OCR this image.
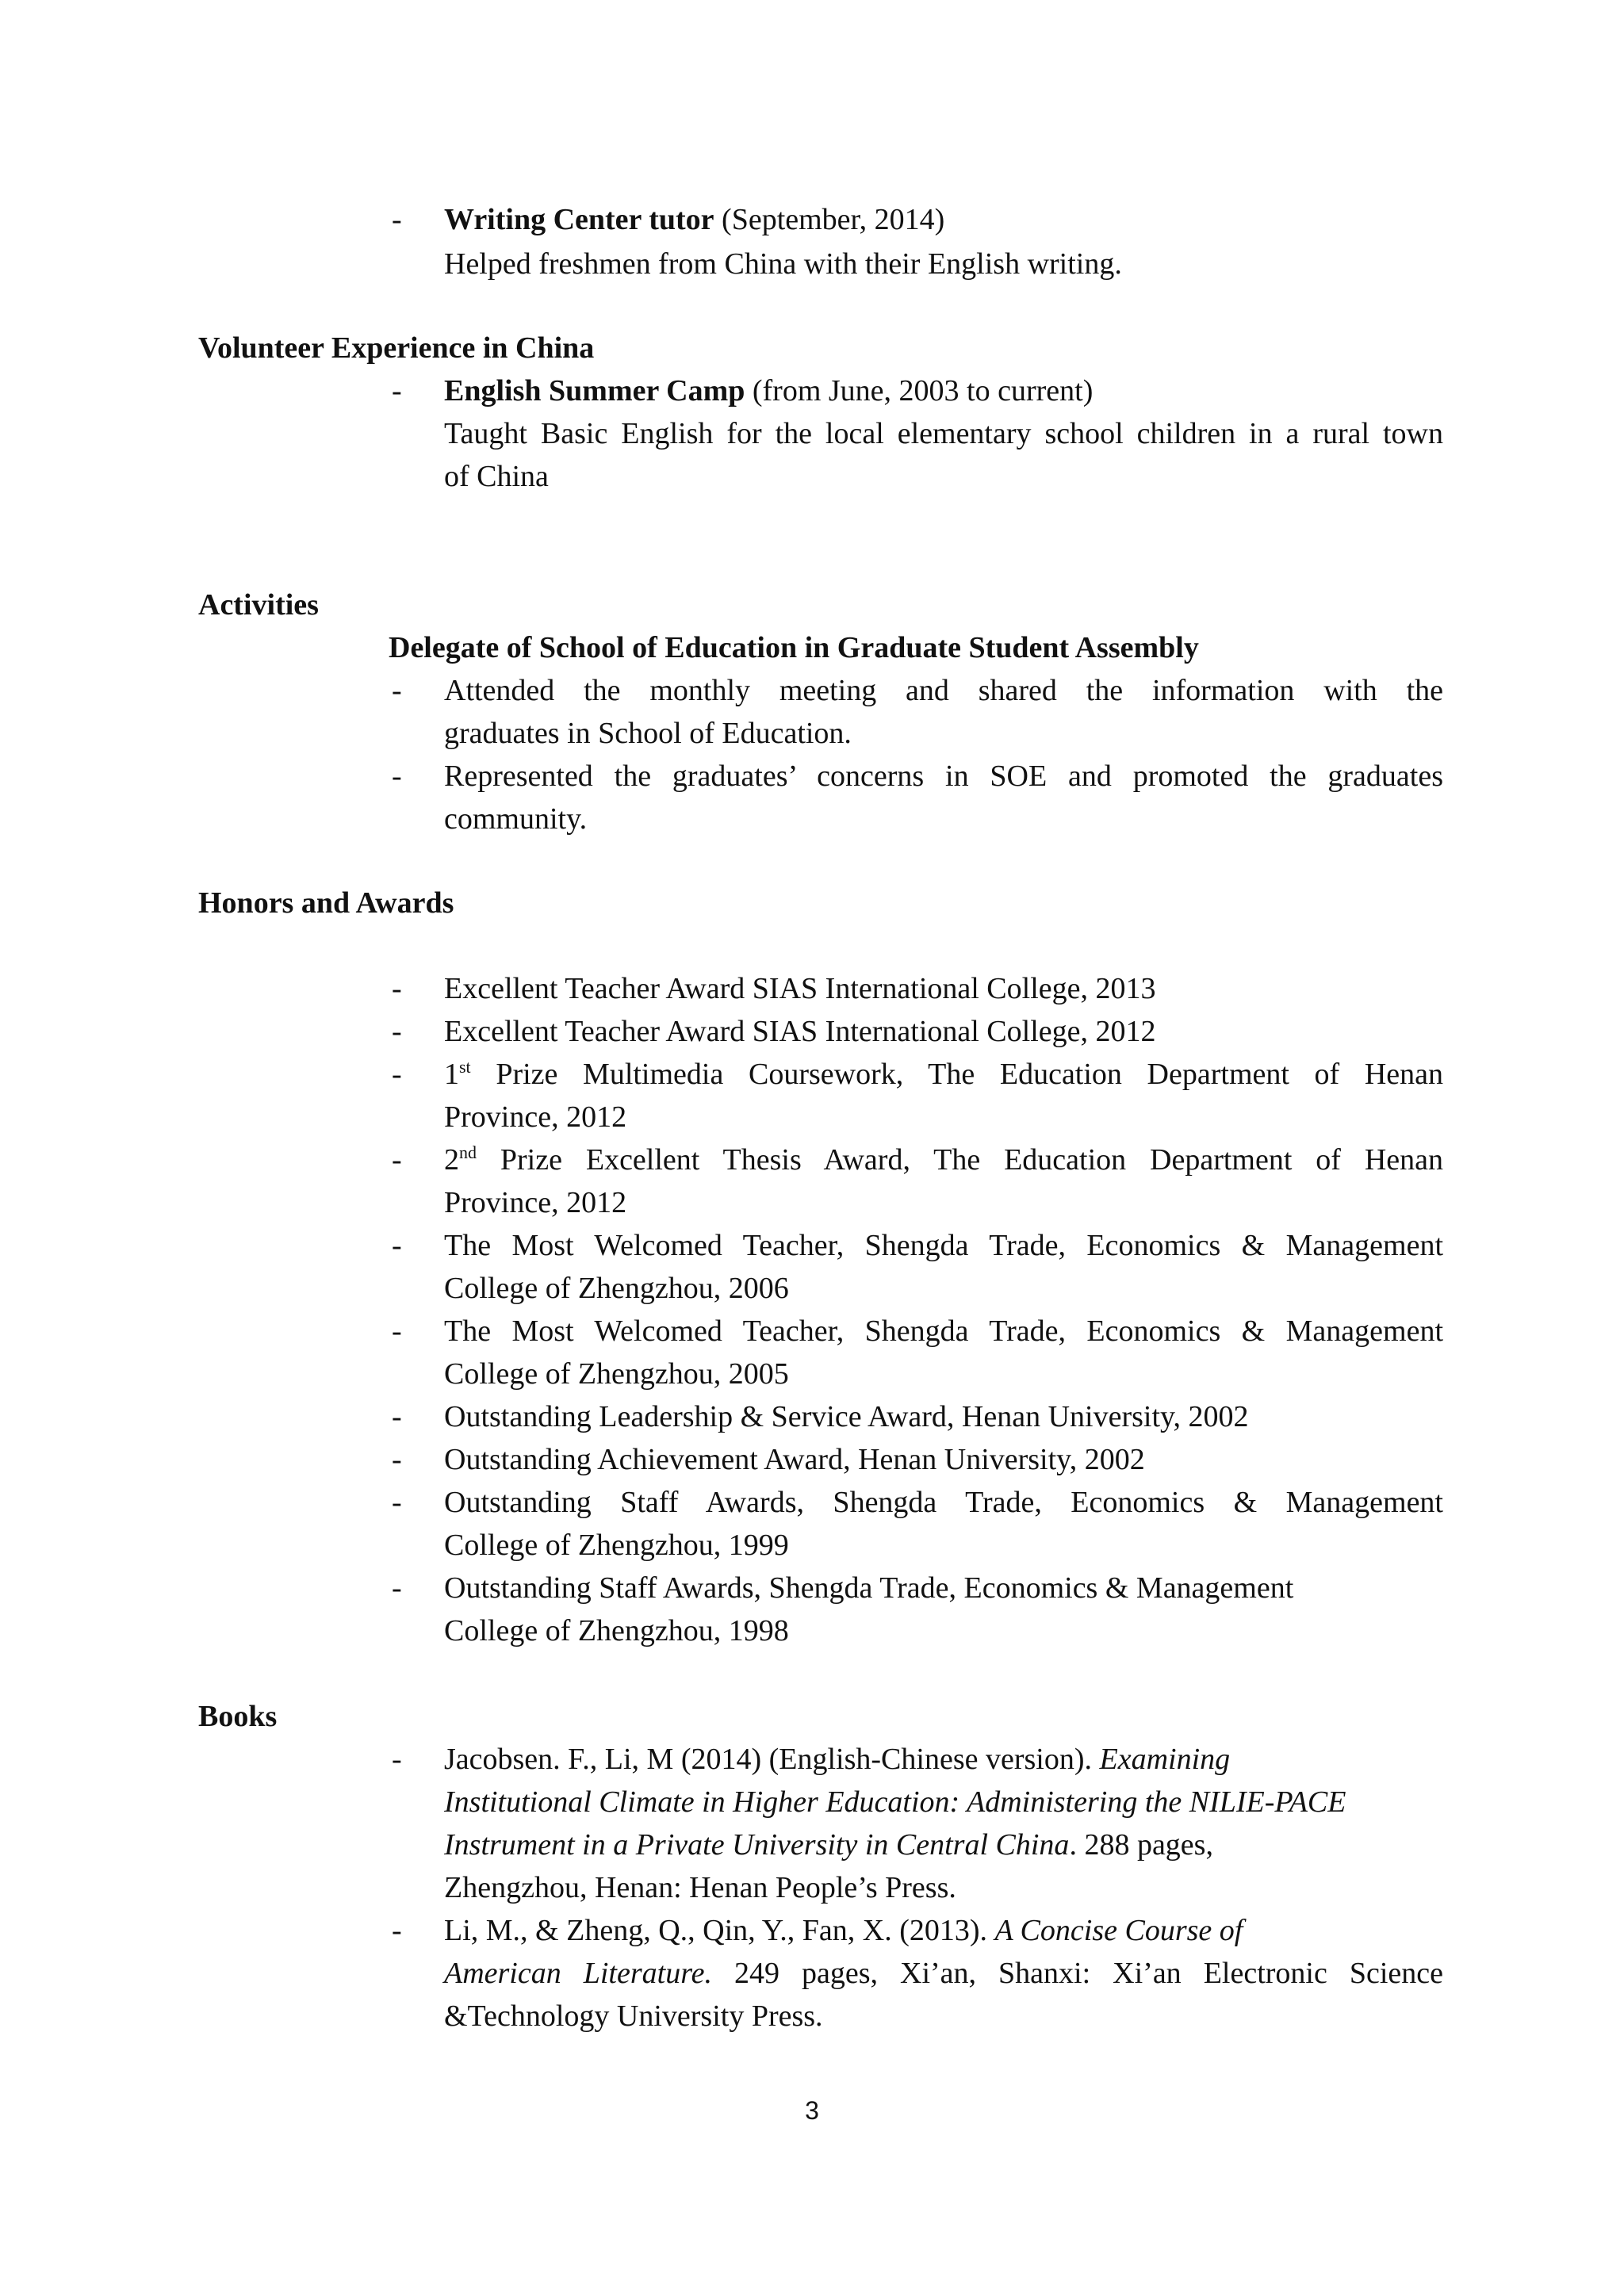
- Writing Center tutor (September, 2014)
Helped freshmen from China with their English writing.
Volunteer Experience in China
- English Summer Camp (from June, 2003 to current)
Taught Basic English for the local elementary school children in a rural town
of China
Activities
Delegate of School of Education in Graduate Student Assembly
- Attended the monthly meeting and shared the information with the
graduates in School of Education.
- Represented the graduates’ concerns in SOE and promoted the graduates
community.
Honors and Awards
- Excellent Teacher Award SIAS International College, 2013
- Excellent Teacher Award SIAS International College, 2012
- 1st Prize Multimedia Coursework, The Education Department of Henan
Province, 2012
- 2nd Prize Excellent Thesis Award, The Education Department of Henan
Province, 2012
- The Most Welcomed Teacher, Shengda Trade, Economics & Management
College of Zhengzhou, 2006
- The Most Welcomed Teacher, Shengda Trade, Economics & Management
College of Zhengzhou, 2005
- Outstanding Leadership & Service Award, Henan University, 2002
- Outstanding Achievement Award, Henan University, 2002
- Outstanding Staff Awards, Shengda Trade, Economics & Management
College of Zhengzhou, 1999
- Outstanding Staff Awards, Shengda Trade, Economics & Management
College of Zhengzhou, 1998
Books
- Jacobsen. F., Li, M (2014) (English-Chinese version). Examining
Institutional Climate in Higher Education: Administering the NILIE-PACE
Instrument in a Private University in Central China. 288 pages,
Zhengzhou, Henan: Henan People’s Press.
- Li, M., & Zheng, Q., Qin, Y., Fan, X. (2013). A Concise Course of
American Literature. 249 pages, Xi’an, Shanxi: Xi’an Electronic Science
&Technology University Press.
3
